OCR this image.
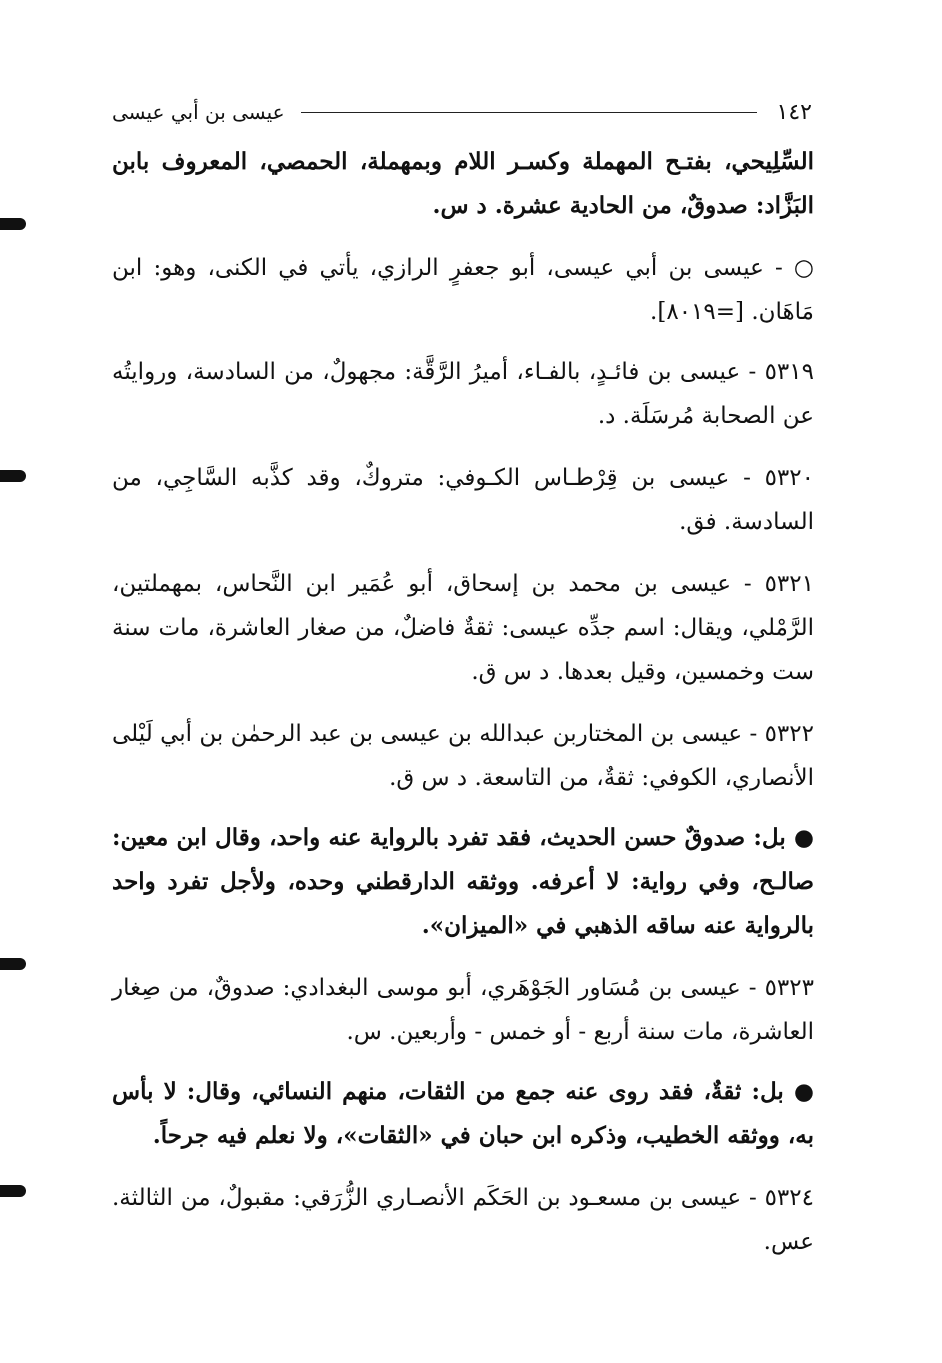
١٤٢
عيسى بن أبي عيسى
السِّلِيحي، بفتـح المهملة وكسـر اللام وبمهملة، الحمصي، المعروف بابن البَزَّاد: صدوقٌ، من الحادية عشرة. د س.
○ - عيسى بن أبي عيسى، أبو جعفرٍ الرازي، يأتي في الكنى، وهو: ابن مَاهَان. [=٨٠١٩].
٥٣١٩ - عيسى بن فائـدٍ، بالفـاء، أميرُ الرَّقَّة: مجهولٌ، من السادسة، وروايتُه عن الصحابة مُرسَلَة. د.
٥٣٢٠ - عيسى بن قِرْطـاس الكـوفي: متروكٌ، وقد كذَّبه السَّاجِي، من السادسة. فق.
٥٣٢١ - عيسى بن محمد بن إسحاق، أبو عُمَير ابن النَّحاس، بمهملتين، الرَّمْلي، ويقال: اسم جدِّه عيسى: ثقةٌ فاضلٌ، من صغار العاشرة، مات سنة ست وخمسين، وقيل بعدها. د س ق.
٥٣٢٢ - عيسى بن المختاربن عبدالله بن عيسى بن عبد الرحمٰن بن أبي لَيْلى الأنصاري، الكوفي: ثقةٌ، من التاسعة. د س ق.
● بل: صدوقٌ حسن الحديث، فقد تفرد بالرواية عنه واحد، وقال ابن معين: صالـح، وفي رواية: لا أعرفه. ووثقه الدارقطني وحده، ولأجل تفرد واحد بالرواية عنه ساقه الذهبي في «الميزان».
٥٣٢٣ - عيسى بن مُسَاور الجَوْهَري، أبو موسى البغدادي: صدوقٌ، من صِغار العاشرة، مات سنة أربع - أو خمس - وأربعين. س.
● بل: ثقةٌ، فقد روى عنه جمع من الثقات، منهم النسائي، وقال: لا بأس به، ووثقه الخطيب، وذكره ابن حبان في «الثقات»، ولا نعلم فيه جرحاً.
٥٣٢٤ - عيسى بن مسعـود بن الحَكَم الأنصـاري الزُّرَقي: مقبولٌ، من الثالثة. عس.
